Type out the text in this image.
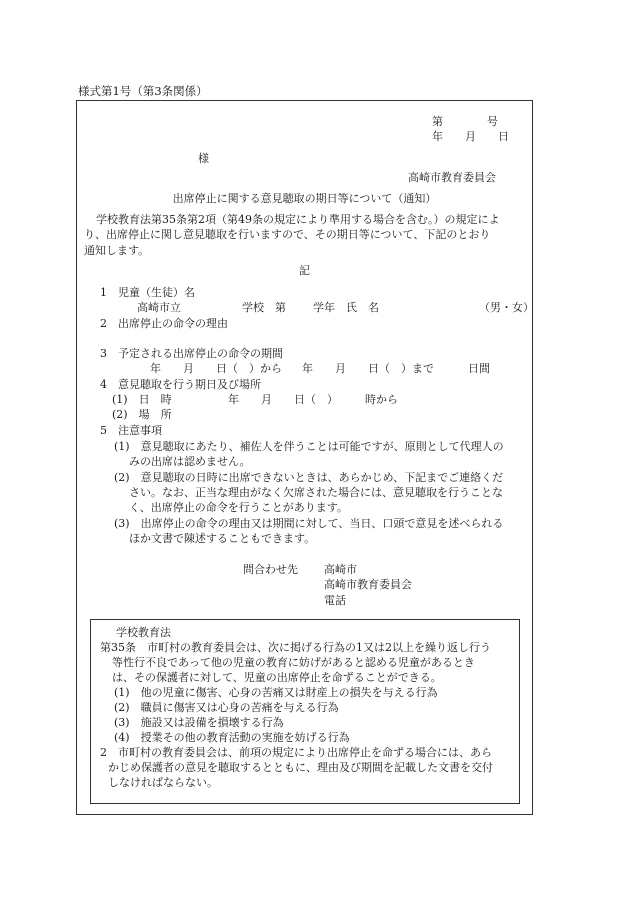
様式第1号（第3条関係）
第　　　　号
年　　月　　日
様
高崎市教育委員会
出席停止に関する意見聴取の期日等について（通知）
学校教育法第35条第2項（第49条の規定により準用する場合を含む。）の規定によ
り、出席停止に関し意見聴取を行いますので、その期日等について、下記のとおり
通知します。
記
1　児童（生徒）名
高崎市立	学校　第 学年　氏　名	（男・女）
2　出席停止の命令の理由
3　予定される出席停止の命令の期間
年　　月　　日（　）から 年　　月　　日（　）まで	日間
4　意見聴取を行う期日及び場所
(1)　日　時	年　　月　　日（　） 時から
(2)　場　所
5　注意事項
(1)　意見聴取にあたり、補佐人を伴うことは可能ですが、原則として代理人の
みの出席は認めません。
(2)　意見聴取の日時に出席できないときは、あらかじめ、下記までご連絡くだ
さい。なお、正当な理由がなく欠席された場合には、意見聴取を行うことな
く、出席停止の命令を行うことがあります。
(3)　出席停止の命令の理由又は期間に対して、当日、口頭で意見を述べられる
ほか文書で陳述することもできます。
問合わせ先 高崎市
高崎市教育委員会
電話
学校教育法
第35条　市町村の教育委員会は、次に掲げる行為の1又は2以上を繰り返し行う
等性行不良であって他の児童の教育に妨げがあると認める児童があるとき
は、その保護者に対して、児童の出席停止を命ずることができる。
(1)　他の児童に傷害、心身の苦痛又は財産上の損失を与える行為
(2)　職員に傷害又は心身の苦痛を与える行為
(3)　施設又は設備を損壊する行為
(4)　授業その他の教育活動の実施を妨げる行為
2　市町村の教育委員会は、前項の規定により出席停止を命ずる場合には、あら
かじめ保護者の意見を聴取するとともに、理由及び期間を記載した文書を交付
しなければならない。
